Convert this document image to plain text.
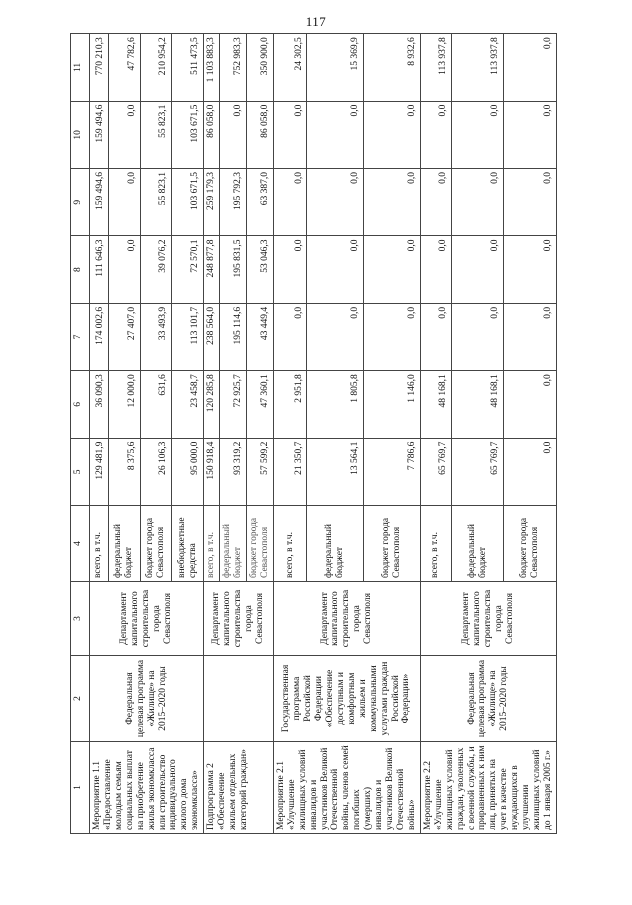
117
1	2	3	4	5	6	7	8	9	10	11
Мероприятие 1.1 «Предоставление молодым семьям социальных выплат на приобретение жилья экономкласса или строительство индивидуального жилого дома экономкласса»	Федеральная целевая программа «Жилище» на 2015–2020 годы	Департамент капитального строительства города Севастополя	всего, в т.ч.	129 481,9	36 090,3	174 002,6	111 646,3	159 494,6	159 494,6	770 210,3
			федеральный бюджет	8 375,6	12 000,0	27 407,0	0,0	0,0	0,0	47 782,6
			бюджет города Севастополя	26 106,3	631,6	33 493,9	39 076,2	55 823,1	55 823,1	210 954,2
			внебюджетные средства	95 000,0	23 458,7	113 101,7	72 570,1	103 671,5	103 671,5	511 473,5
Подпрограмма 2 «Обеспечение жильем отдельных категорий граждан»		Департамент капитального строительства города Севастополя	всего, в т.ч.	150 918,4	120 285,8	238 564,0	248 877,8	259 179,3	86 058,0	1 103 883,3
			федеральный бюджет	93 319,2	72 925,7	195 114,6	195 831,5	195 792,3	0,0	752 983,3
			бюджет города Севастополя	57 599,2	47 360,1	43 449,4	53 046,3	63 387,0	86 058,0	350 900,0
Мероприятие 2.1 «Улучшение жилищных условий инвалидов и участников Великой Отечественной войны, членов семей погибших (умерших) инвалидов и участников Великой Отечественной войны»	Государственная программа Российской Федерации «Обеспечение доступным и комфортным жильем и коммунальными услугами граждан Российской Федерации»	Департамент капитального строительства города Севастополя	всего, в т.ч.	21 350,7	2 951,8	0,0	0,0	0,0	0,0	24 302,5
			федеральный бюджет	13 564,1	1 805,8	0,0	0,0	0,0	0,0	15 369,9
			бюджет города Севастополя	7 786,6	1 146,0	0,0	0,0	0,0	0,0	8 932,6
Мероприятие 2.2 «Улучшение жилищных условий граждан, уволенных с военной службы, и приравненных к ним лиц, принятых на учет в качестве нуждающихся в улучшении жилищных условий до 1 января 2005 г.»	Федеральная целевая программа «Жилище» на 2015–2020 годы	Департамент капитального строительства города Севастополя	всего, в т.ч.	65 769,7	48 168,1	0,0	0,0	0,0	0,0	113 937,8
			федеральный бюджет	65 769,7	48 168,1	0,0	0,0	0,0	0,0	113 937,8
			бюджет города Севастополя	0,0	0,0	0,0	0,0	0,0	0,0	0,0
